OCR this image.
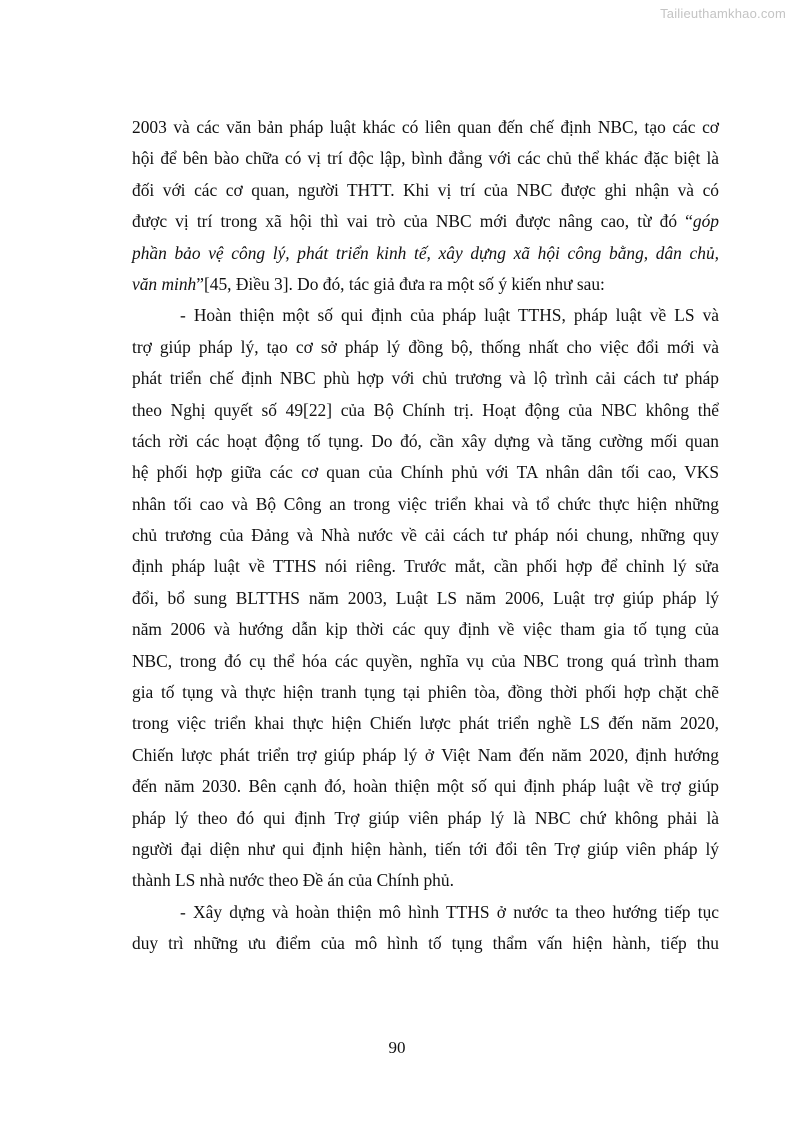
Tailieuthamkhao.com
2003 và các văn bản pháp luật khác có liên quan đến chế định NBC, tạo các cơ
hội để bên bào chữa có vị trí độc lập, bình đẳng với các chủ thể khác đặc biệt là
đối với các cơ quan, người THTT. Khi vị trí của NBC được ghi nhận và có
được vị trí trong xã hội thì vai trò của NBC mới được nâng cao, từ đó “góp
phần bảo vệ công lý, phát triển kinh tế, xây dựng xã hội công bằng, dân chủ,
văn minh”[45, Điều 3]. Do đó, tác giả đưa ra một số ý kiến như sau:
- Hoàn thiện một số qui định của pháp luật TTHS, pháp luật về LS và
trợ giúp pháp lý, tạo cơ sở pháp lý đồng bộ, thống nhất cho việc đổi mới và
phát triển chế định NBC phù hợp với chủ trương và lộ trình cải cách tư pháp
theo Nghị quyết số 49[22] của Bộ Chính trị. Hoạt động của NBC không thể
tách rời các hoạt động tố tụng. Do đó, cần xây dựng và tăng cường mối quan
hệ phối hợp giữa các cơ quan của Chính phủ với TA nhân dân tối cao, VKS
nhân tối cao và Bộ Công an trong việc triển khai và tổ chức thực hiện những
chủ trương của Đảng và Nhà nước về cải cách tư pháp nói chung, những quy
định pháp luật về TTHS nói riêng. Trước mắt, cần phối hợp để chỉnh lý sửa
đổi, bổ sung BLTTHS năm 2003, Luật LS năm 2006, Luật trợ giúp pháp lý
năm 2006 và hướng dẫn kịp thời các quy định về việc tham gia tố tụng của
NBC, trong đó cụ thể hóa các quyền, nghĩa vụ của NBC trong quá trình tham
gia tố tụng và thực hiện tranh tụng tại phiên tòa, đồng thời phối hợp chặt chẽ
trong việc triển khai thực hiện Chiến lược phát triển nghề LS đến năm 2020,
Chiến lược phát triển trợ giúp pháp lý ở Việt Nam đến năm 2020, định hướng
đến năm 2030. Bên cạnh đó, hoàn thiện một số qui định pháp luật về trợ giúp
pháp lý theo đó qui định Trợ giúp viên pháp lý là NBC chứ không phải là
người đại diện như qui định hiện hành, tiến tới đổi tên Trợ giúp viên pháp lý
thành LS nhà nước theo Đề án của Chính phủ.
- Xây dựng và hoàn thiện mô hình TTHS ở nước ta theo hướng tiếp tục
duy trì những ưu điểm của mô hình tố tụng thẩm vấn hiện hành, tiếp thu
90
